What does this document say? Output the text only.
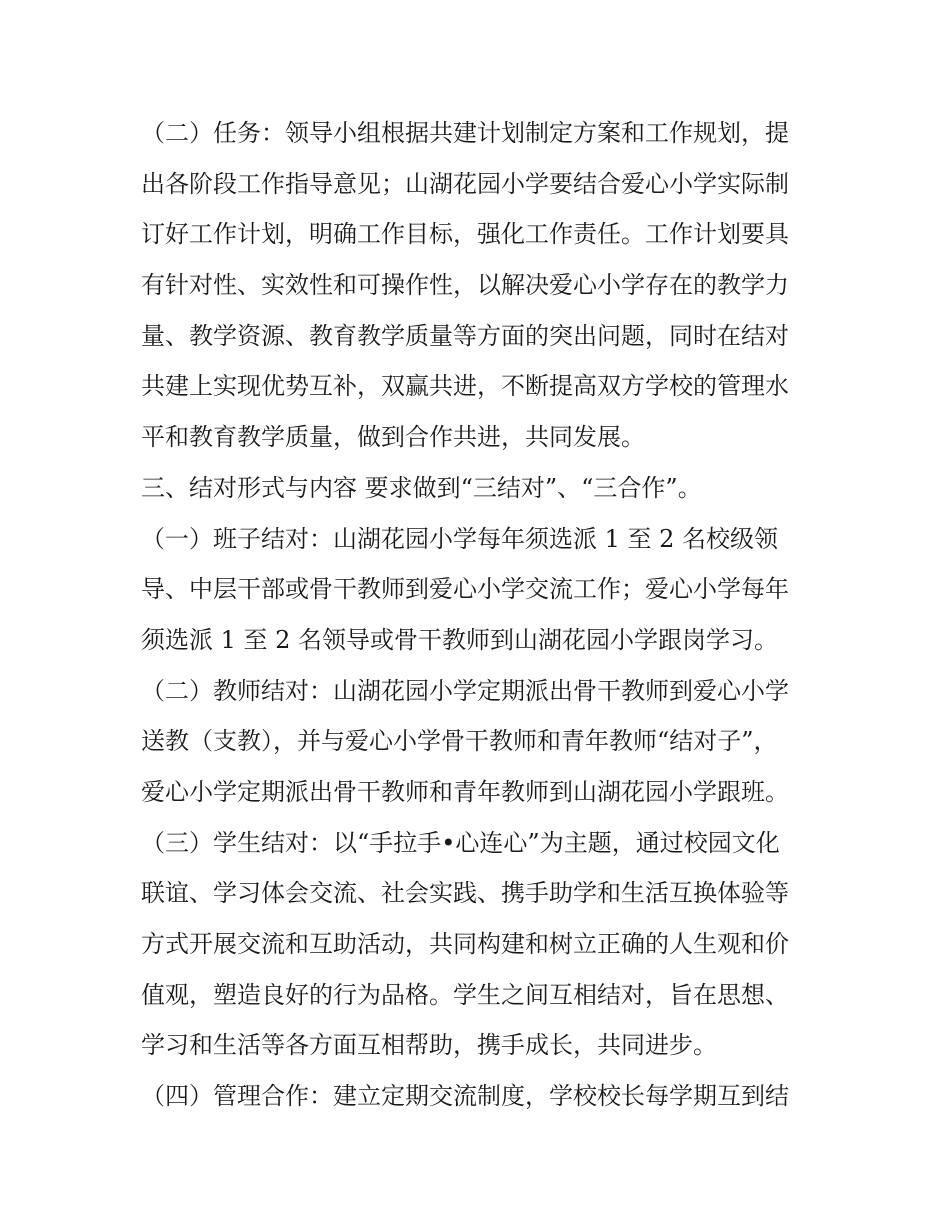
（二）任务：领导小组根据共建计划制定方案和工作规划，提
出各阶段工作指导意见；山湖花园小学要结合爱心小学实际制
订好工作计划，明确工作目标，强化工作责任。工作计划要具
有针对性、实效性和可操作性，以解决爱心小学存在的教学力
量、教学资源、教育教学质量等方面的突出问题，同时在结对
共建上实现优势互补，双赢共进，不断提高双方学校的管理水
平和教育教学质量，做到合作共进，共同发展。
三、结对形式与内容 要求做到“三结对”、“三合作”。
（一）班子结对：山湖花园小学每年须选派 1 至 2 名校级领
导、中层干部或骨干教师到爱心小学交流工作；爱心小学每年
须选派 1 至 2 名领导或骨干教师到山湖花园小学跟岗学习。
（二）教师结对：山湖花园小学定期派出骨干教师到爱心小学
送教（支教），并与爱心小学骨干教师和青年教师“结对子”，
爱心小学定期派出骨干教师和青年教师到山湖花园小学跟班。
（三）学生结对：以“手拉手•心连心”为主题，通过校园文化
联谊、学习体会交流、社会实践、携手助学和生活互换体验等
方式开展交流和互助活动，共同构建和树立正确的人生观和价
值观，塑造良好的行为品格。学生之间互相结对，旨在思想、
学习和生活等各方面互相帮助，携手成长，共同进步。
（四）管理合作：建立定期交流制度，学校校长每学期互到结
